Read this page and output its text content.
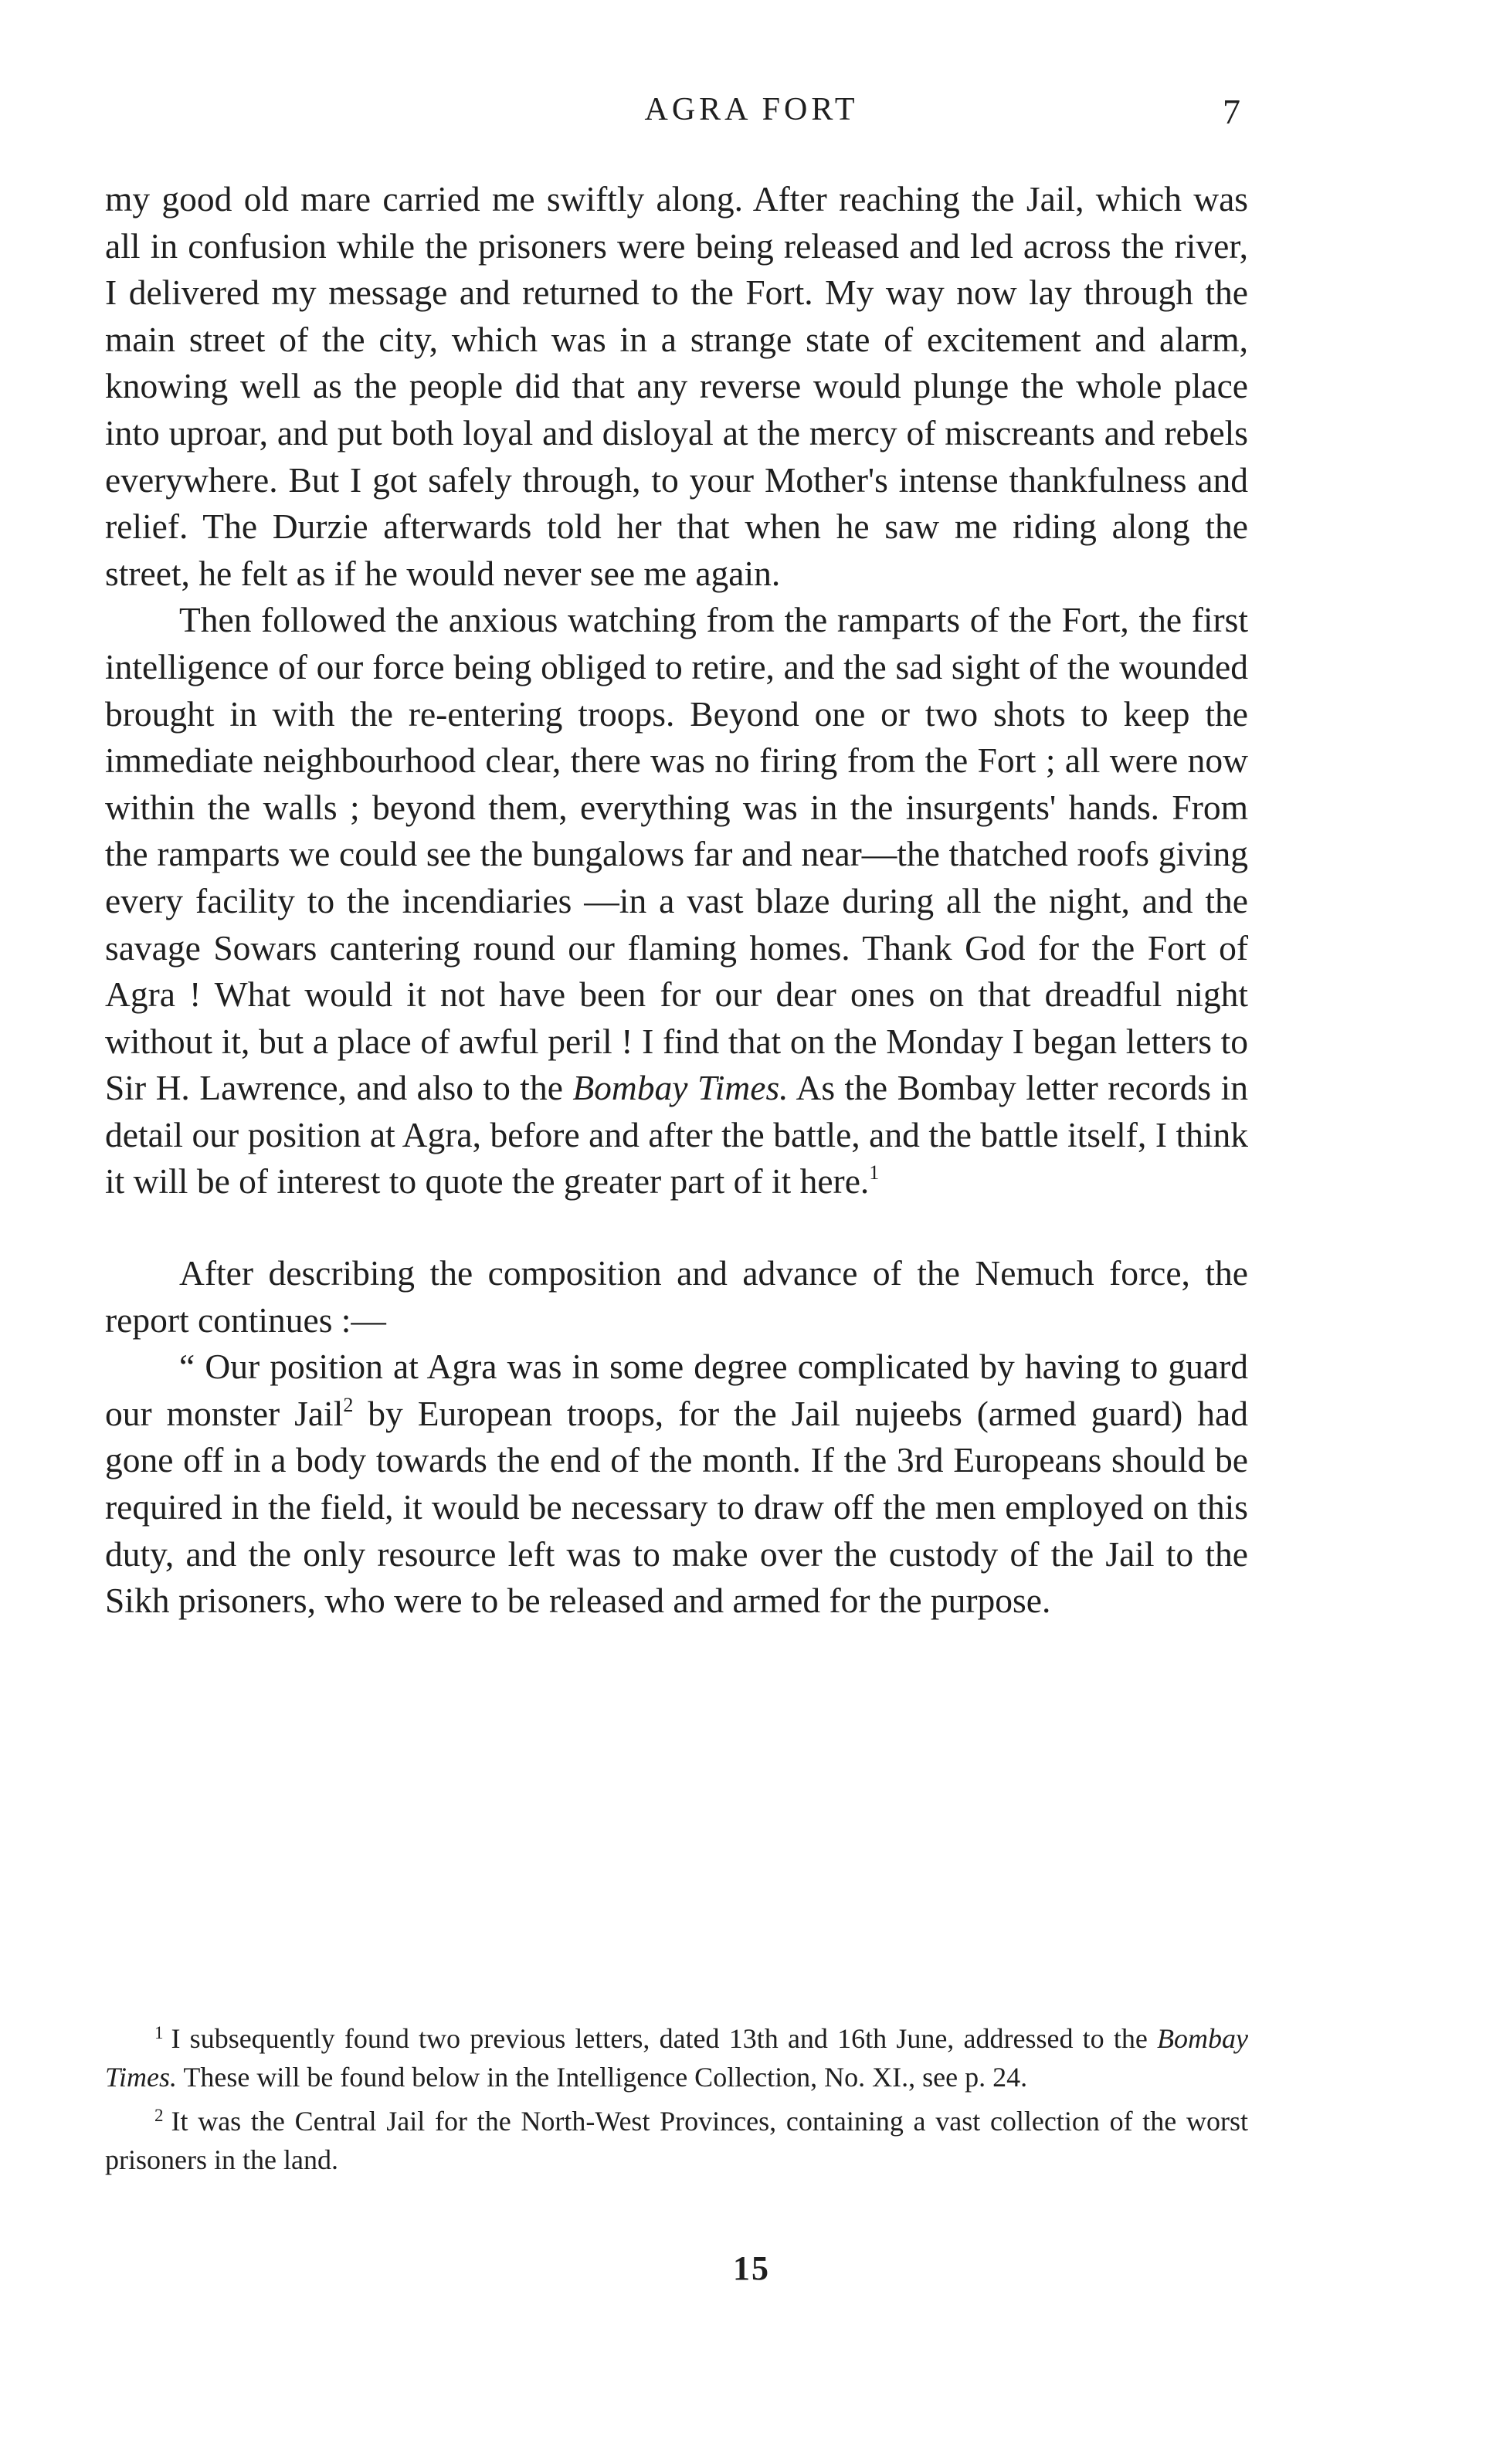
AGRA FORT	7

my good old mare carried me swiftly along. After reaching the Jail, which was all in confusion while the prisoners were being released and led across the river, I delivered my message and returned to the Fort. My way now lay through the main street of the city, which was in a strange state of excitement and alarm, knowing well as the people did that any reverse would plunge the whole place into uproar, and put both loyal and disloyal at the mercy of miscreants and rebels everywhere. But I got safely through, to your Mother's intense thankfulness and relief. The Durzie afterwards told her that when he saw me riding along the street, he felt as if he would never see me again.

Then followed the anxious watching from the ramparts of the Fort, the first intelligence of our force being obliged to retire, and the sad sight of the wounded brought in with the re-entering troops. Beyond one or two shots to keep the immediate neighbourhood clear, there was no firing from the Fort ; all were now within the walls ; beyond them, everything was in the insurgents' hands. From the ramparts we could see the bungalows far and near—the thatched roofs giving every facility to the incendiaries —in a vast blaze during all the night, and the savage Sowars cantering round our flaming homes. Thank God for the Fort of Agra ! What would it not have been for our dear ones on that dreadful night without it, but a place of awful peril ! I find that on the Monday I began letters to Sir H. Lawrence, and also to the Bombay Times. As the Bombay letter records in detail our position at Agra, before and after the battle, and the battle itself, I think it will be of interest to quote the greater part of it here.$^1$

After describing the composition and advance of the Nemuch force, the report continues :—

“ Our position at Agra was in some degree complicated by having to guard our monster Jail$^2$ by European troops, for the Jail nujeebs (armed guard) had gone off in a body towards the end of the month. If the 3rd Europeans should be required in the field, it would be necessary to draw off the men employed on this duty, and the only resource left was to make over the custody of the Jail to the Sikh prisoners, who were to be released and armed for the purpose.

$^1$ I subsequently found two previous letters, dated 13th and 16th June, addressed to the Bombay Times. These will be found below in the Intelligence Collection, No. XI., see p. 24.

$^2$ It was the Central Jail for the North-West Provinces, containing a vast collection of the worst prisoners in the land.

15
